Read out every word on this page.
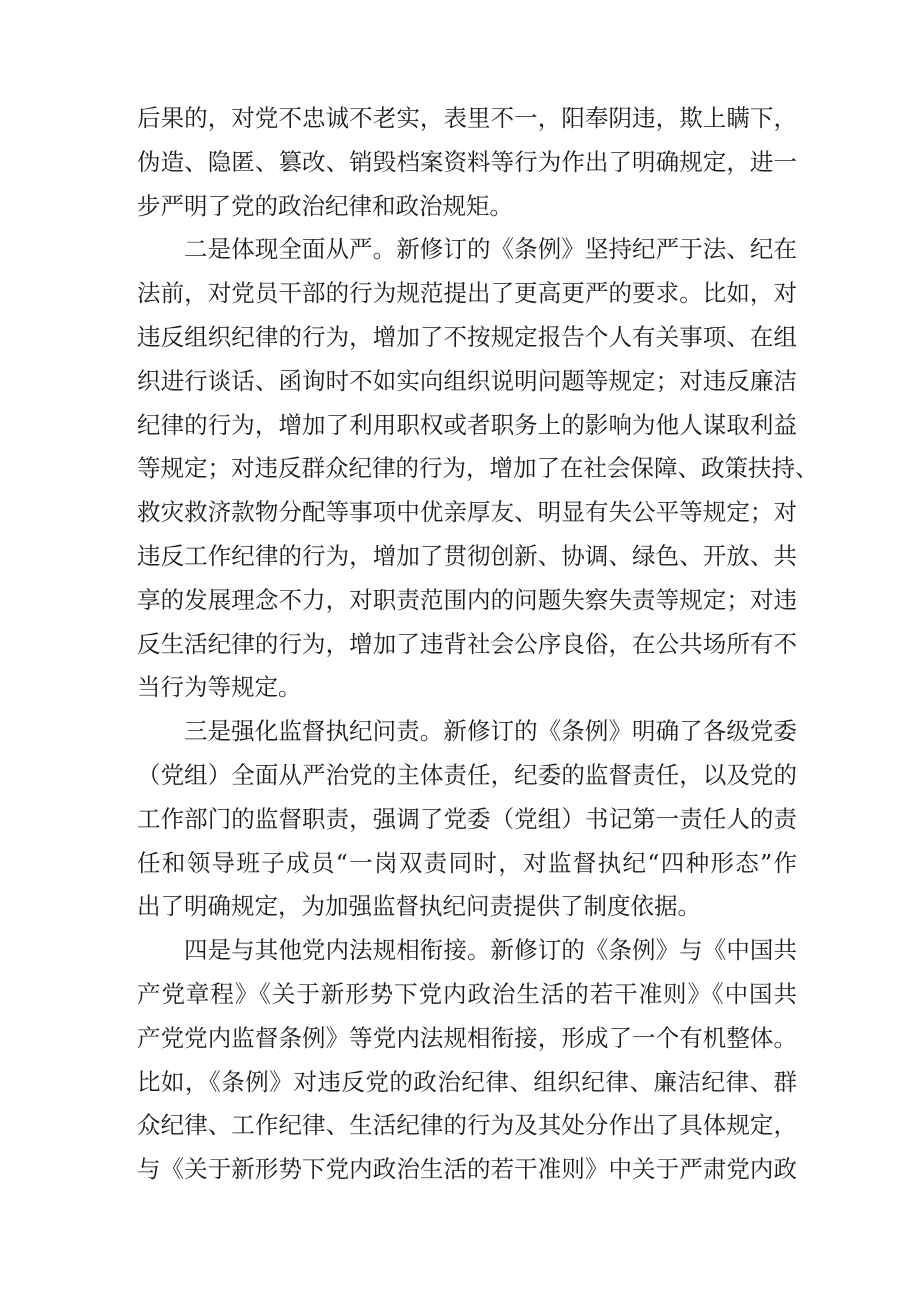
后果的，对党不忠诚不老实，表里不一，阳奉阴违，欺上瞒下，
伪造、隐匿、篡改、销毁档案资料等行为作出了明确规定，进一
步严明了党的政治纪律和政治规矩。
二是体现全面从严。新修订的《条例》坚持纪严于法、纪在
法前，对党员干部的行为规范提出了更高更严的要求。比如，对
违反组织纪律的行为，增加了不按规定报告个人有关事项、在组
织进行谈话、函询时不如实向组织说明问题等规定；对违反廉洁
纪律的行为，增加了利用职权或者职务上的影响为他人谋取利益
等规定；对违反群众纪律的行为，增加了在社会保障、政策扶持、
救灾救济款物分配等事项中优亲厚友、明显有失公平等规定；对
违反工作纪律的行为，增加了贯彻创新、协调、绿色、开放、共
享的发展理念不力，对职责范围内的问题失察失责等规定；对违
反生活纪律的行为，增加了违背社会公序良俗，在公共场所有不
当行为等规定。
三是强化监督执纪问责。新修订的《条例》明确了各级党委
（党组）全面从严治党的主体责任，纪委的监督责任，以及党的
工作部门的监督职责，强调了党委（党组）书记第一责任人的责
任和领导班子成员“一岗双责同时，对监督执纪“四种形态”作
出了明确规定，为加强监督执纪问责提供了制度依据。
四是与其他党内法规相衔接。新修订的《条例》与《中国共
产党章程》《关于新形势下党内政治生活的若干准则》《中国共
产党党内监督条例》等党内法规相衔接，形成了一个有机整体。
比如，《条例》对违反党的政治纪律、组织纪律、廉洁纪律、群
众纪律、工作纪律、生活纪律的行为及其处分作出了具体规定，
与《关于新形势下党内政治生活的若干准则》中关于严肃党内政
